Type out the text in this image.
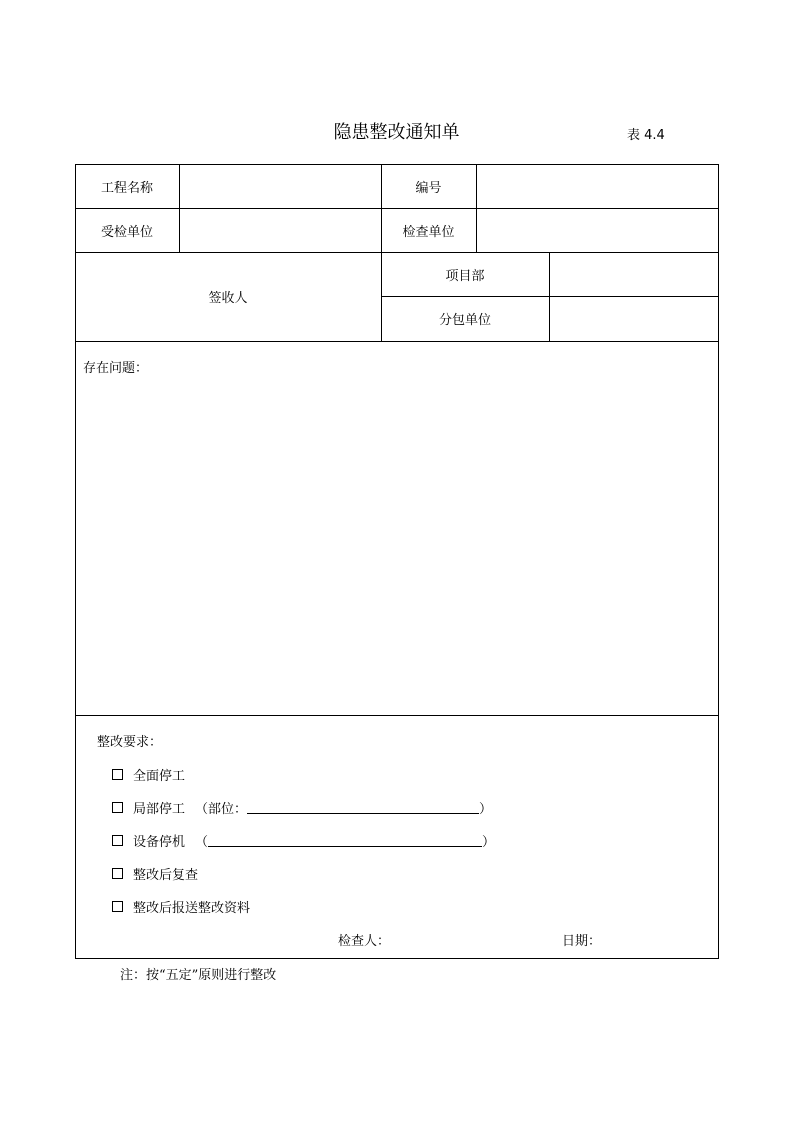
隐患整改通知单	表 4.4
工程名称	编号
受检单位	检查单位
签收人
项目部
分包单位
存在问题：
整改要求：
全面停工
局部停工 （部位：	）
设备停机 （	）
整改后复查
整改后报送整改资料
检查人：	日期：
注：按“五定”原则进行整改
